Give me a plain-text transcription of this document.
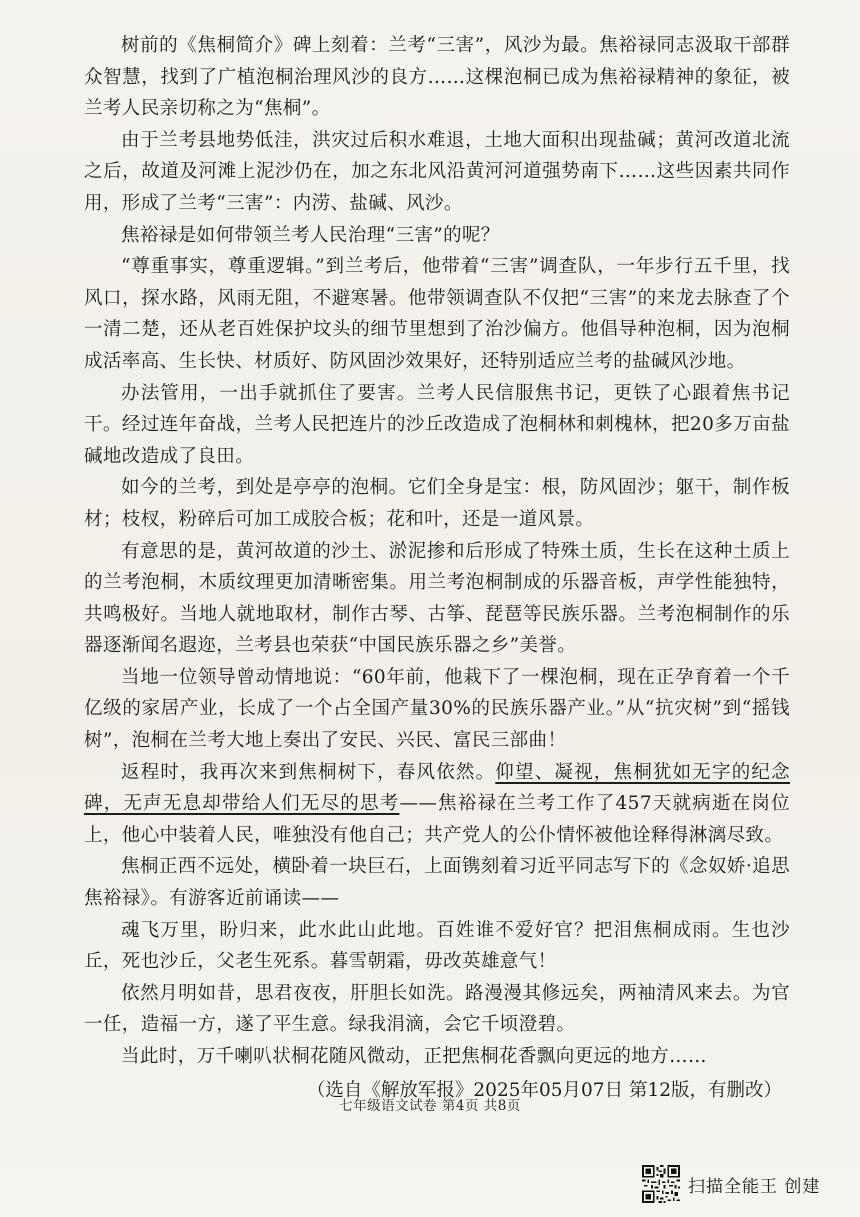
树前的《焦桐简介》碑上刻着：兰考“三害”，风沙为最。焦裕禄同志汲取干部群众智慧，找到了广植泡桐治理风沙的良方……这棵泡桐已成为焦裕禄精神的象征，被兰考人民亲切称之为“焦桐”。

由于兰考县地势低洼，洪灾过后积水难退，土地大面积出现盐碱；黄河改道北流之后，故道及河滩上泥沙仍在，加之东北风沿黄河河道强势南下……这些因素共同作用，形成了兰考“三害”：内涝、盐碱、风沙。

焦裕禄是如何带领兰考人民治理“三害”的呢？

“尊重事实，尊重逻辑。”到兰考后，他带着“三害”调查队，一年步行五千里，找风口，探水路，风雨无阻，不避寒暑。他带领调查队不仅把“三害”的来龙去脉查了个一清二楚，还从老百姓保护坟头的细节里想到了治沙偏方。他倡导种泡桐，因为泡桐成活率高、生长快、材质好、防风固沙效果好，还特别适应兰考的盐碱风沙地。

办法管用，一出手就抓住了要害。兰考人民信服焦书记，更铁了心跟着焦书记干。经过连年奋战，兰考人民把连片的沙丘改造成了泡桐林和刺槐林，把20多万亩盐碱地改造成了良田。

如今的兰考，到处是亭亭的泡桐。它们全身是宝：根，防风固沙；躯干，制作板材；枝杈，粉碎后可加工成胶合板；花和叶，还是一道风景。

有意思的是，黄河故道的沙土、淤泥掺和后形成了特殊土质，生长在这种土质上的兰考泡桐，木质纹理更加清晰密集。用兰考泡桐制成的乐器音板，声学性能独特，共鸣极好。当地人就地取材，制作古琴、古筝、琵琶等民族乐器。兰考泡桐制作的乐器逐渐闻名遐迩，兰考县也荣获“中国民族乐器之乡”美誉。

当地一位领导曾动情地说：“60年前，他栽下了一棵泡桐，现在正孕育着一个千亿级的家居产业，长成了一个占全国产量30%的民族乐器产业。”从“抗灾树”到“摇钱树”，泡桐在兰考大地上奏出了安民、兴民、富民三部曲！

返程时，我再次来到焦桐树下，春风依然。仰望、凝视，焦桐犹如无字的纪念碑，无声无息却带给人们无尽的思考——焦裕禄在兰考工作了457天就病逝在岗位上，他心中装着人民，唯独没有他自己；共产党人的公仆情怀被他诠释得淋漓尽致。

焦桐正西不远处，横卧着一块巨石，上面镌刻着习近平同志写下的《念奴娇·追思焦裕禄》。有游客近前诵读——

魂飞万里，盼归来，此水此山此地。百姓谁不爱好官？把泪焦桐成雨。生也沙丘，死也沙丘，父老生死系。暮雪朝霜，毋改英雄意气！

依然月明如昔，思君夜夜，肝胆长如洗。路漫漫其修远矣，两袖清风来去。为官一任，造福一方，遂了平生意。绿我涓滴，会它千顷澄碧。

当此时，万千喇叭状桐花随风微动，正把焦桐花香飘向更远的地方……

（选自《解放军报》2025年05月07日 第12版，有删改）

七年级语文试卷 第4页 共8页
扫描全能王 创建
